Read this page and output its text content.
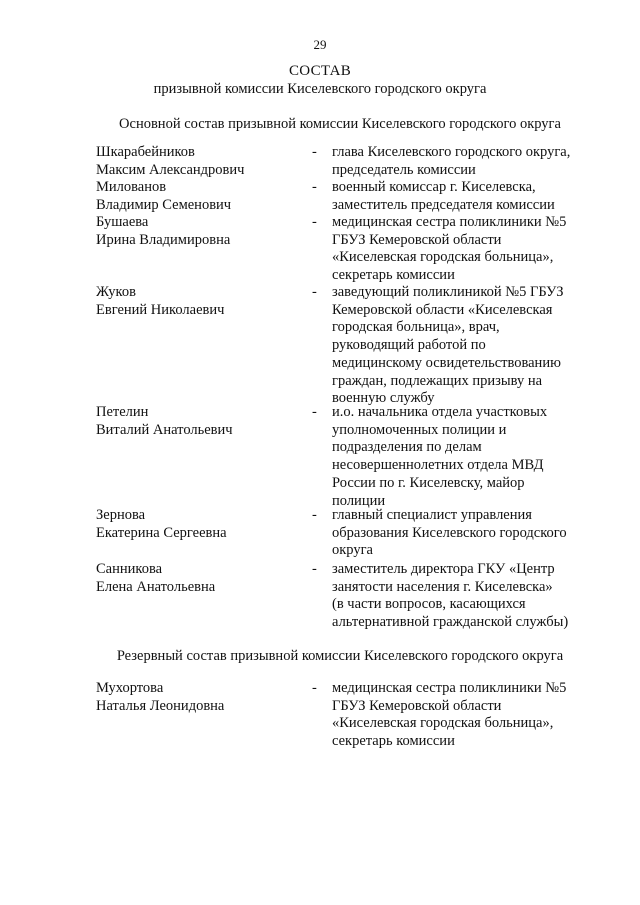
29
СОСТАВ
призывной комиссии Киселевского городского округа
Основной состав призывной комиссии Киселевского городского округа
Шкарабейников
Максим Александрович
-	глава Киселевского городского округа,
председатель комиссии
Милованов
Владимир Семенович
-	военный комиссар г. Киселевска,
заместитель председателя комиссии
Бушаева
Ирина Владимировна
-	медицинская сестра поликлиники №5
ГБУЗ Кемеровской области
«Киселевская городская больница»,
секретарь комиссии
Жуков
Евгений Николаевич
-	заведующий поликлиникой №5 ГБУЗ
Кемеровской области «Киселевская
городская больница», врач,
руководящий работой по
медицинскому освидетельствованию
граждан, подлежащих призыву на
военную службу
Петелин
Виталий Анатольевич
-	и.о. начальника отдела участковых
уполномоченных полиции и
подразделения по делам
несовершеннолетних отдела МВД
России по г. Киселевску, майор
полиции
Зернова
Екатерина Сергеевна
-	главный специалист управления
образования Киселевского городского
округа
Санникова
Елена Анатольевна
-	заместитель директора ГКУ «Центр
занятости населения г. Киселевска»
(в части вопросов, касающихся
альтернативной гражданской службы)
Резервный состав призывной комиссии Киселевского городского округа
Мухортова
Наталья Леонидовна
-	медицинская сестра поликлиники №5
ГБУЗ Кемеровской области
«Киселевская городская больница»,
секретарь комиссии
